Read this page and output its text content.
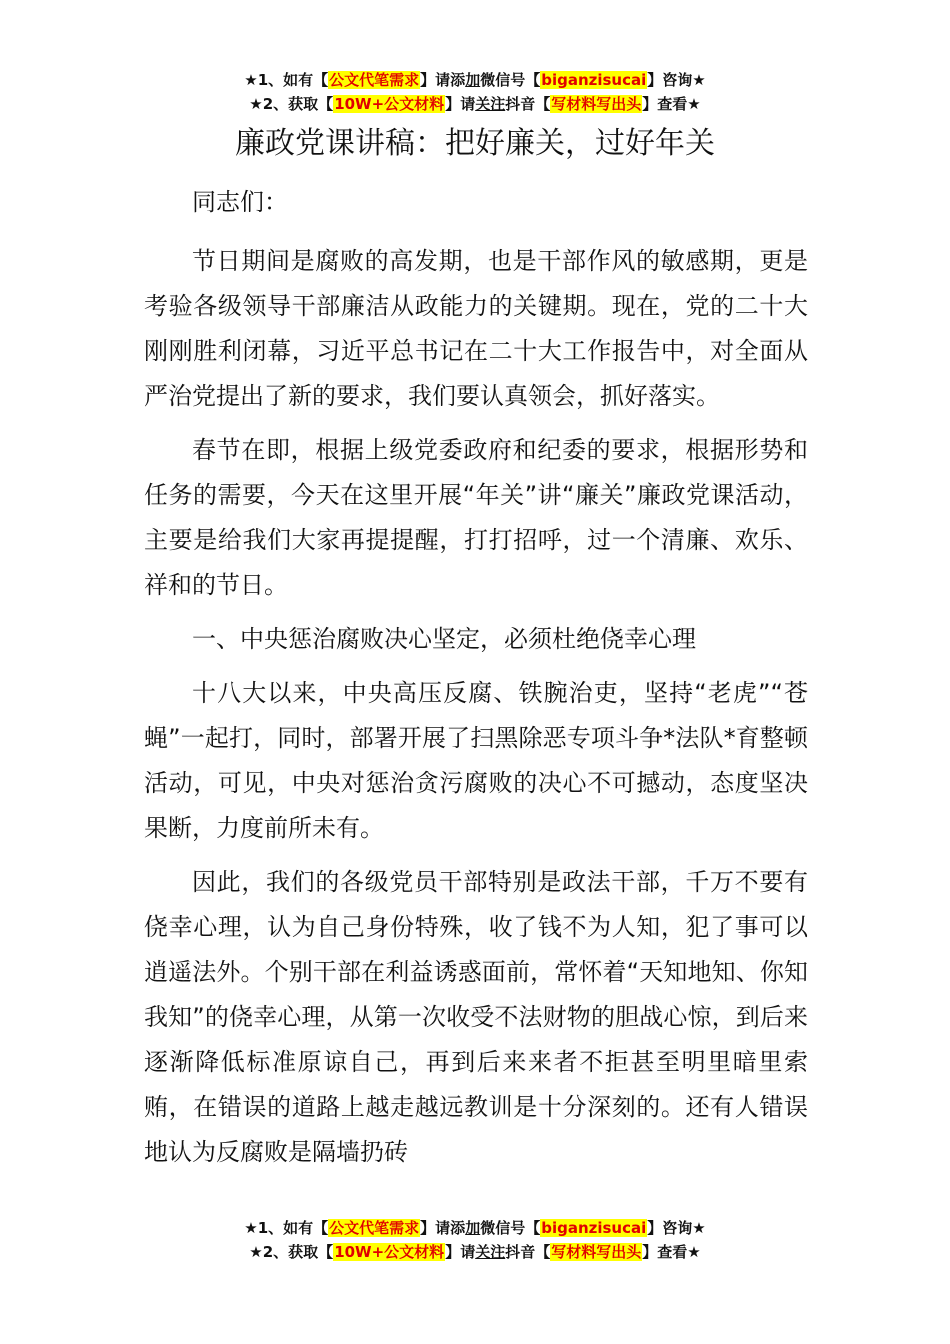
★1、如有【公文代笔需求】请添加微信号【biganzisucai】咨询★
★2、获取【10W+公文材料】请关注抖音【写材料写出头】查看★
廉政党课讲稿：把好廉关，过好年关

同志们：

节日期间是腐败的高发期，也是干部作风的敏感期，更是考验各级领导干部廉洁从政能力的关键期。现在，党的二十大刚刚胜利闭幕，习近平总书记在二十大工作报告中，对全面从严治党提出了新的要求，我们要认真领会，抓好落实。

春节在即，根据上级党委政府和纪委的要求，根据形势和任务的需要，今天在这里开展“年关”讲“廉关”廉政党课活动，主要是给我们大家再提提醒，打打招呼，过一个清廉、欢乐、祥和的节日。

一、中央惩治腐败决心坚定，必须杜绝侥幸心理

十八大以来，中央高压反腐、铁腕治吏，坚持“老虎”“苍蝇”一起打，同时，部署开展了扫黑除恶专项斗争*法队*育整顿活动，可见，中央对惩治贪污腐败的决心不可撼动，态度坚决果断，力度前所未有。

因此，我们的各级党员干部特别是政法干部，千万不要有侥幸心理，认为自己身份特殊，收了钱不为人知，犯了事可以逍遥法外。个别干部在利益诱惑面前，常怀着“天知地知、你知我知”的侥幸心理，从第一次收受不法财物的胆战心惊，到后来逐渐降低标准原谅自己，再到后来来者不拒甚至明里暗里索贿，在错误的道路上越走越远教训是十分深刻的。还有人错误地认为反腐败是隔墙扔砖

★1、如有【公文代笔需求】请添加微信号【biganzisucai】咨询★
★2、获取【10W+公文材料】请关注抖音【写材料写出头】查看★
